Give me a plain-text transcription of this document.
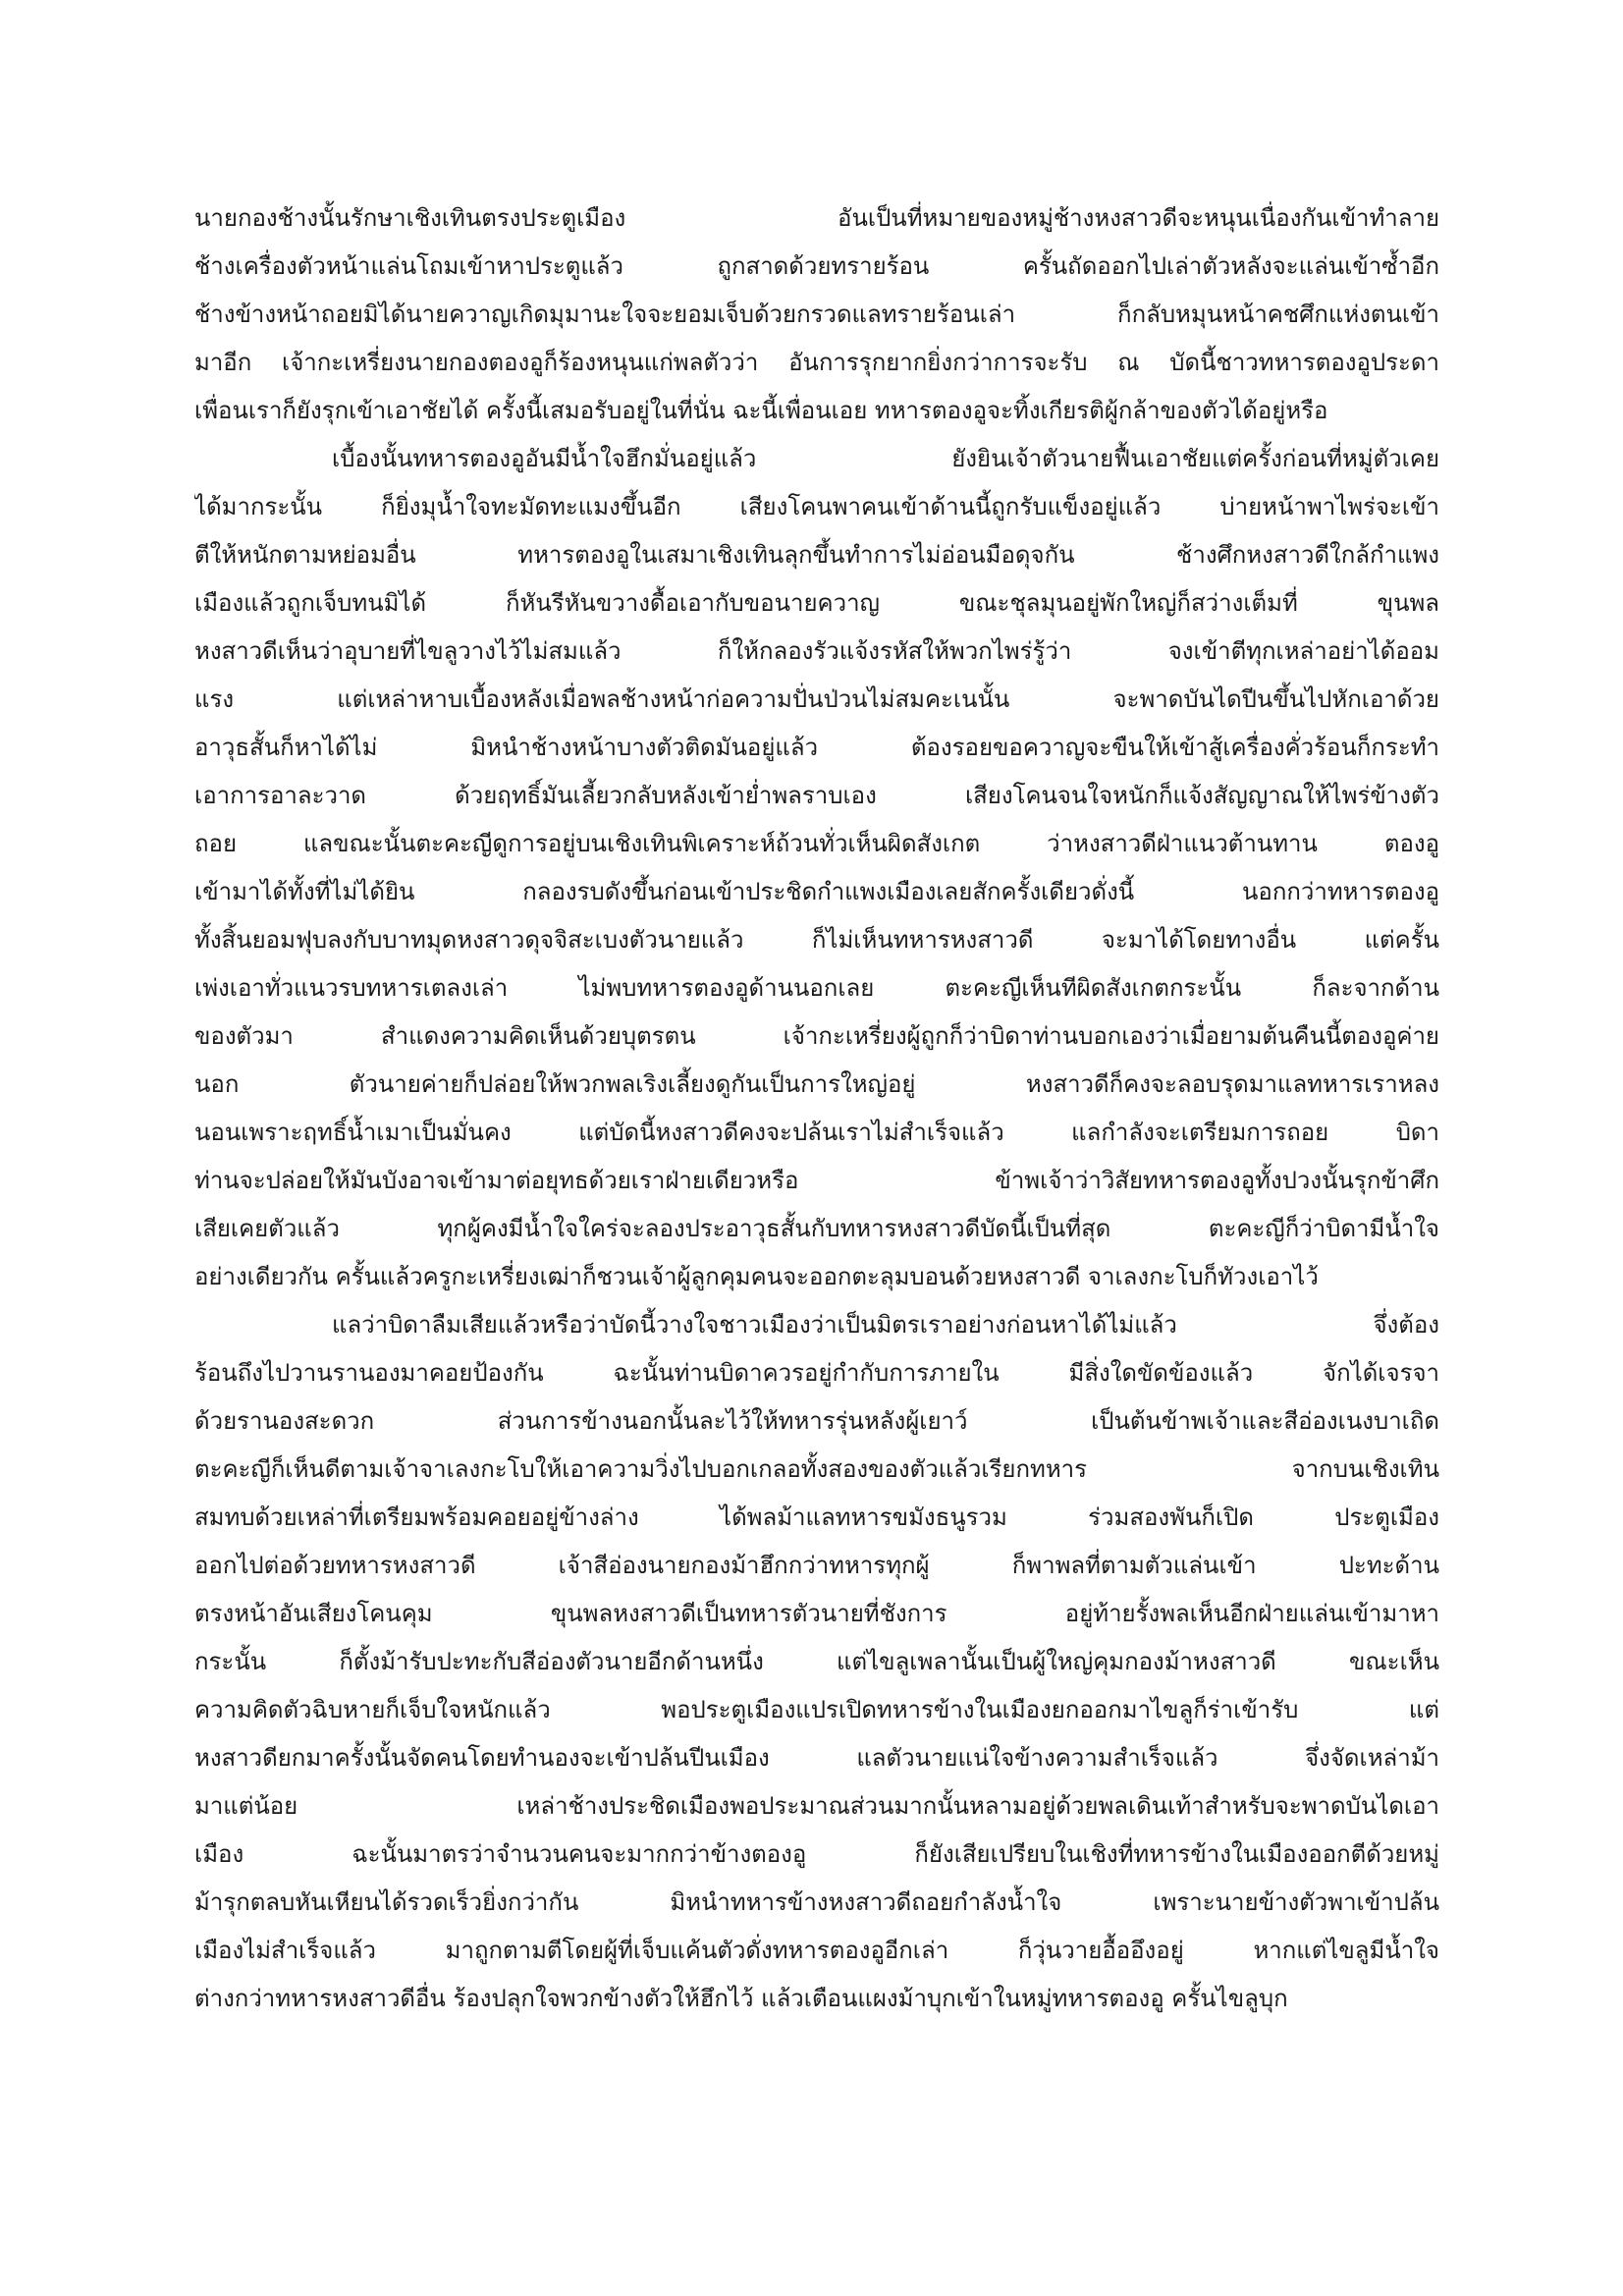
นายกองช้างนั้นรักษาเชิงเทินตรงประตูเมือง อันเป็นที่หมายของหมู่ช้างหงสาวดีจะหนุนเนื่องกันเข้าทำลาย
ช้างเครื่องตัวหน้าแล่นโถมเข้าหาประตูแล้ว ถูกสาดด้วยทรายร้อน ครั้นถัดออกไปเล่าตัวหลังจะแล่นเข้าซ้ำอีก
ช้างข้างหน้าถอยมิได้นายควาญเกิดมุมานะใจจะยอมเจ็บด้วยกรวดแลทรายร้อนเล่า ก็กลับหมุนหน้าคชศึกแห่งตนเข้า
มาอีก เจ้ากะเหรี่ยงนายกองตองอูก็ร้องหนุนแก่พลตัวว่า อันการรุกยากยิ่งกว่าการจะรับ ณ บัดนี้ชาวทหารตองอูประดา
เพื่อนเราก็ยังรุกเข้าเอาชัยได้ ครั้งนี้เสมอรับอยู่ในที่นั่น ฉะนี้เพื่อนเอย ทหารตองอูจะทิ้งเกียรติผู้กล้าของตัวได้อยู่หรือ
เบื้องนั้นทหารตองอูอันมีน้ำใจฮึกมั่นอยู่แล้ว ยังยินเจ้าตัวนายฟื้นเอาชัยแต่ครั้งก่อนที่หมู่ตัวเคย
ได้มากระนั้น ก็ยิ่งมุน้ำใจทะมัดทะแมงขึ้นอีก เสียงโคนพาคนเข้าด้านนี้ถูกรับแข็งอยู่แล้ว บ่ายหน้าพาไพร่จะเข้า
ตีให้หนักตามหย่อมอื่น ทหารตองอูในเสมาเชิงเทินลุกขึ้นทำการไม่อ่อนมือดุจกัน ช้างศึกหงสาวดีใกล้กำแพง
เมืองแล้วถูกเจ็บทนมิได้ ก็หันรีหันขวางดื้อเอากับขอนายควาญ ขณะชุลมุนอยู่พักใหญ่ก็สว่างเต็มที่ ขุนพล
หงสาวดีเห็นว่าอุบายที่ไขลูวางไว้ไม่สมแล้ว ก็ให้กลองรัวแจ้งรหัสให้พวกไพร่รู้ว่า จงเข้าตีทุกเหล่าอย่าได้ออม
แรง แต่เหล่าหาบเบื้องหลังเมื่อพลช้างหน้าก่อความปั่นป่วนไม่สมคะเนนั้น จะพาดบันไดปีนขึ้นไปหักเอาด้วย
อาวุธสั้นก็หาได้ไม่ มิหนำช้างหน้าบางตัวติดมันอยู่แล้ว ต้องรอยขอควาญจะขืนให้เข้าสู้เครื่องคั่วร้อนก็กระทำ
เอาการอาละวาด ด้วยฤทธิ์มันเลี้ยวกลับหลังเข้าย่ำพลราบเอง เสียงโคนจนใจหนักก็แจ้งสัญญาณให้ไพร่ข้างตัว
ถอย แลขณะนั้นตะคะญีดูการอยู่บนเชิงเทินพิเคราะห์ถ้วนทั่วเห็นผิดสังเกต ว่าหงสาวดีฝ่าแนวต้านทาน ตองอู
เข้ามาได้ทั้งที่ไม่ได้ยิน กลองรบดังขึ้นก่อนเข้าประชิดกำแพงเมืองเลยสักครั้งเดียวดั่งนี้ นอกกว่าทหารตองอู
ทั้งสิ้นยอมฟุบลงกับบาทมุดหงสาวดุจจิสะเบงตัวนายแล้ว ก็ไม่เห็นทหารหงสาวดี จะมาได้โดยทางอื่น แต่ครั้น
เพ่งเอาทั่วแนวรบทหารเตลงเล่า ไม่พบทหารตองอูด้านนอกเลย ตะคะญีเห็นทีผิดสังเกตกระนั้น ก็ละจากด้าน
ของตัวมา สำแดงความคิดเห็นด้วยบุตรตน เจ้ากะเหรี่ยงผู้ถูกก็ว่าบิดาท่านบอกเองว่าเมื่อยามต้นคืนนี้ตองอูค่าย
นอก ตัวนายค่ายก็ปล่อยให้พวกพลเริงเลี้ยงดูกันเป็นการใหญ่อยู่ หงสาวดีก็คงจะลอบรุดมาแลทหารเราหลง
นอนเพราะฤทธิ์น้ำเมาเป็นมั่นคง แต่บัดนี้หงสาวดีคงจะปล้นเราไม่สำเร็จแล้ว แลกำลังจะเตรียมการถอย บิดา
ท่านจะปล่อยให้มันบังอาจเข้ามาต่อยุทธด้วยเราฝ่ายเดียวหรือ ข้าพเจ้าว่าวิสัยทหารตองอูทั้งปวงนั้นรุกข้าศึก
เสียเคยตัวแล้ว ทุกผู้คงมีน้ำใจใคร่จะลองประอาวุธสั้นกับทหารหงสาวดีบัดนี้เป็นที่สุด ตะคะญีก็ว่าบิดามีน้ำใจ
อย่างเดียวกัน ครั้นแล้วครูกะเหรี่ยงเฒ่าก็ชวนเจ้าผู้ลูกคุมคนจะออกตะลุมบอนด้วยหงสาวดี จาเลงกะโบก็ทัวงเอาไว้
แลว่าบิดาลืมเสียแล้วหรือว่าบัดนี้วางใจชาวเมืองว่าเป็นมิตรเราอย่างก่อนหาได้ไม่แล้ว จึ่งต้อง
ร้อนถึงไปวานรานองมาคอยป้องกัน ฉะนั้นท่านบิดาควรอยู่กำกับการภายใน มีสิ่งใดขัดข้องแล้ว จักได้เจรจา
ด้วยรานองสะดวก ส่วนการข้างนอกนั้นละไว้ให้ทหารรุ่นหลังผู้เยาว์ เป็นต้นข้าพเจ้าและสีอ่องเนงบาเถิด
ตะคะญีก็เห็นดีตามเจ้าจาเลงกะโบให้เอาความวิ่งไปบอกเกลอทั้งสองของตัวแล้วเรียกทหาร จากบนเชิงเทิน
สมทบด้วยเหล่าที่เตรียมพร้อมคอยอยู่ข้างล่าง ได้พลม้าแลทหารขมังธนูรวม ร่วมสองพันก็เปิด ประตูเมือง
ออกไปต่อด้วยทหารหงสาวดี เจ้าสีอ่องนายกองม้าฮึกกว่าทหารทุกผู้ ก็พาพลที่ตามตัวแล่นเข้า ปะทะด้าน
ตรงหน้าอันเสียงโคนคุม ขุนพลหงสาวดีเป็นทหารตัวนายที่ชังการ อยู่ท้ายรั้งพลเห็นอีกฝ่ายแล่นเข้ามาหา
กระนั้น ก็ตั้งม้ารับปะทะกับสีอ่องตัวนายอีกด้านหนึ่ง แต่ไขลูเพลานั้นเป็นผู้ใหญ่คุมกองม้าหงสาวดี ขณะเห็น
ความคิดตัวฉิบหายก็เจ็บใจหนักแล้ว พอประตูเมืองแปรเปิดทหารข้างในเมืองยกออกมาไขลูก็ร่าเข้ารับ แต่
หงสาวดียกมาครั้งนั้นจัดคนโดยทำนองจะเข้าปล้นปีนเมือง แลตัวนายแน่ใจข้างความสำเร็จแล้ว จึ่งจัดเหล่าม้า
มาแต่น้อย เหล่าช้างประชิดเมืองพอประมาณส่วนมากนั้นหลามอยู่ด้วยพลเดินเท้าสำหรับจะพาดบันไดเอา
เมือง ฉะนั้นมาตรว่าจำนวนคนจะมากกว่าข้างตองอู ก็ยังเสียเปรียบในเชิงที่ทหารข้างในเมืองออกตีด้วยหมู่
ม้ารุกตลบหันเหียนได้รวดเร็วยิ่งกว่ากัน มิหนำทหารข้างหงสาวดีถอยกำลังน้ำใจ เพราะนายข้างตัวพาเข้าปล้น
เมืองไม่สำเร็จแล้ว มาถูกตามตีโดยผู้ที่เจ็บแค้นตัวดั่งทหารตองอูอีกเล่า ก็วุ่นวายอื้ออึงอยู่ หากแต่ไขลูมีน้ำใจ
ต่างกว่าทหารหงสาวดีอื่น ร้องปลุกใจพวกข้างตัวให้ฮึกไว้ แล้วเตือนแผงม้าบุกเข้าในหมู่ทหารตองอู ครั้นไขลูบุก
